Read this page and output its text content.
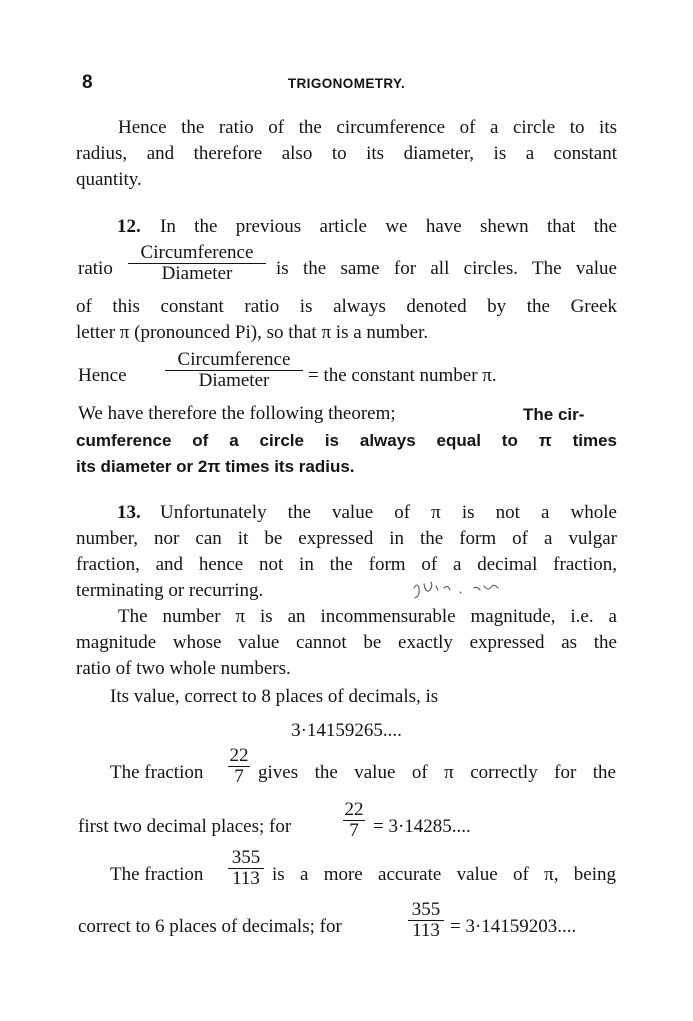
8	TRIGONOMETRY.
Hence the ratio of the circumference of a circle to its
radius, and therefore also to its diameter, is a constant
quantity.
12. In the previous article we have shewn that the
ratio
Circumference
Diameter	is the same for all circles. The value
of this constant ratio is always denoted by the Greek
letter π (pronounced Pi), so that π is a number.
Hence
Circumference
Diameter	= the constant number π.
We have therefore the following theorem;	The cir-
cumference of a circle is always equal to π times
its diameter or 2π times its radius.
13. Unfortunately the value of π is not a whole
number, nor can it be expressed in the form of a vulgar
fraction, and hence not in the form of a decimal fraction,
terminating or recurring.
The number π is an incommensurable magnitude, i.e. a
magnitude whose value cannot be exactly expressed as the
ratio of two whole numbers.
Its value, correct to 8 places of decimals, is
3·14159265....
The fraction
22
7 gives the value of π correctly for the
first two decimal places; for
22
7 = 3·14285....
The fraction
355
113 is a more accurate value of π, being
correct to 6 places of decimals; for
355
113 = 3·14159203....
